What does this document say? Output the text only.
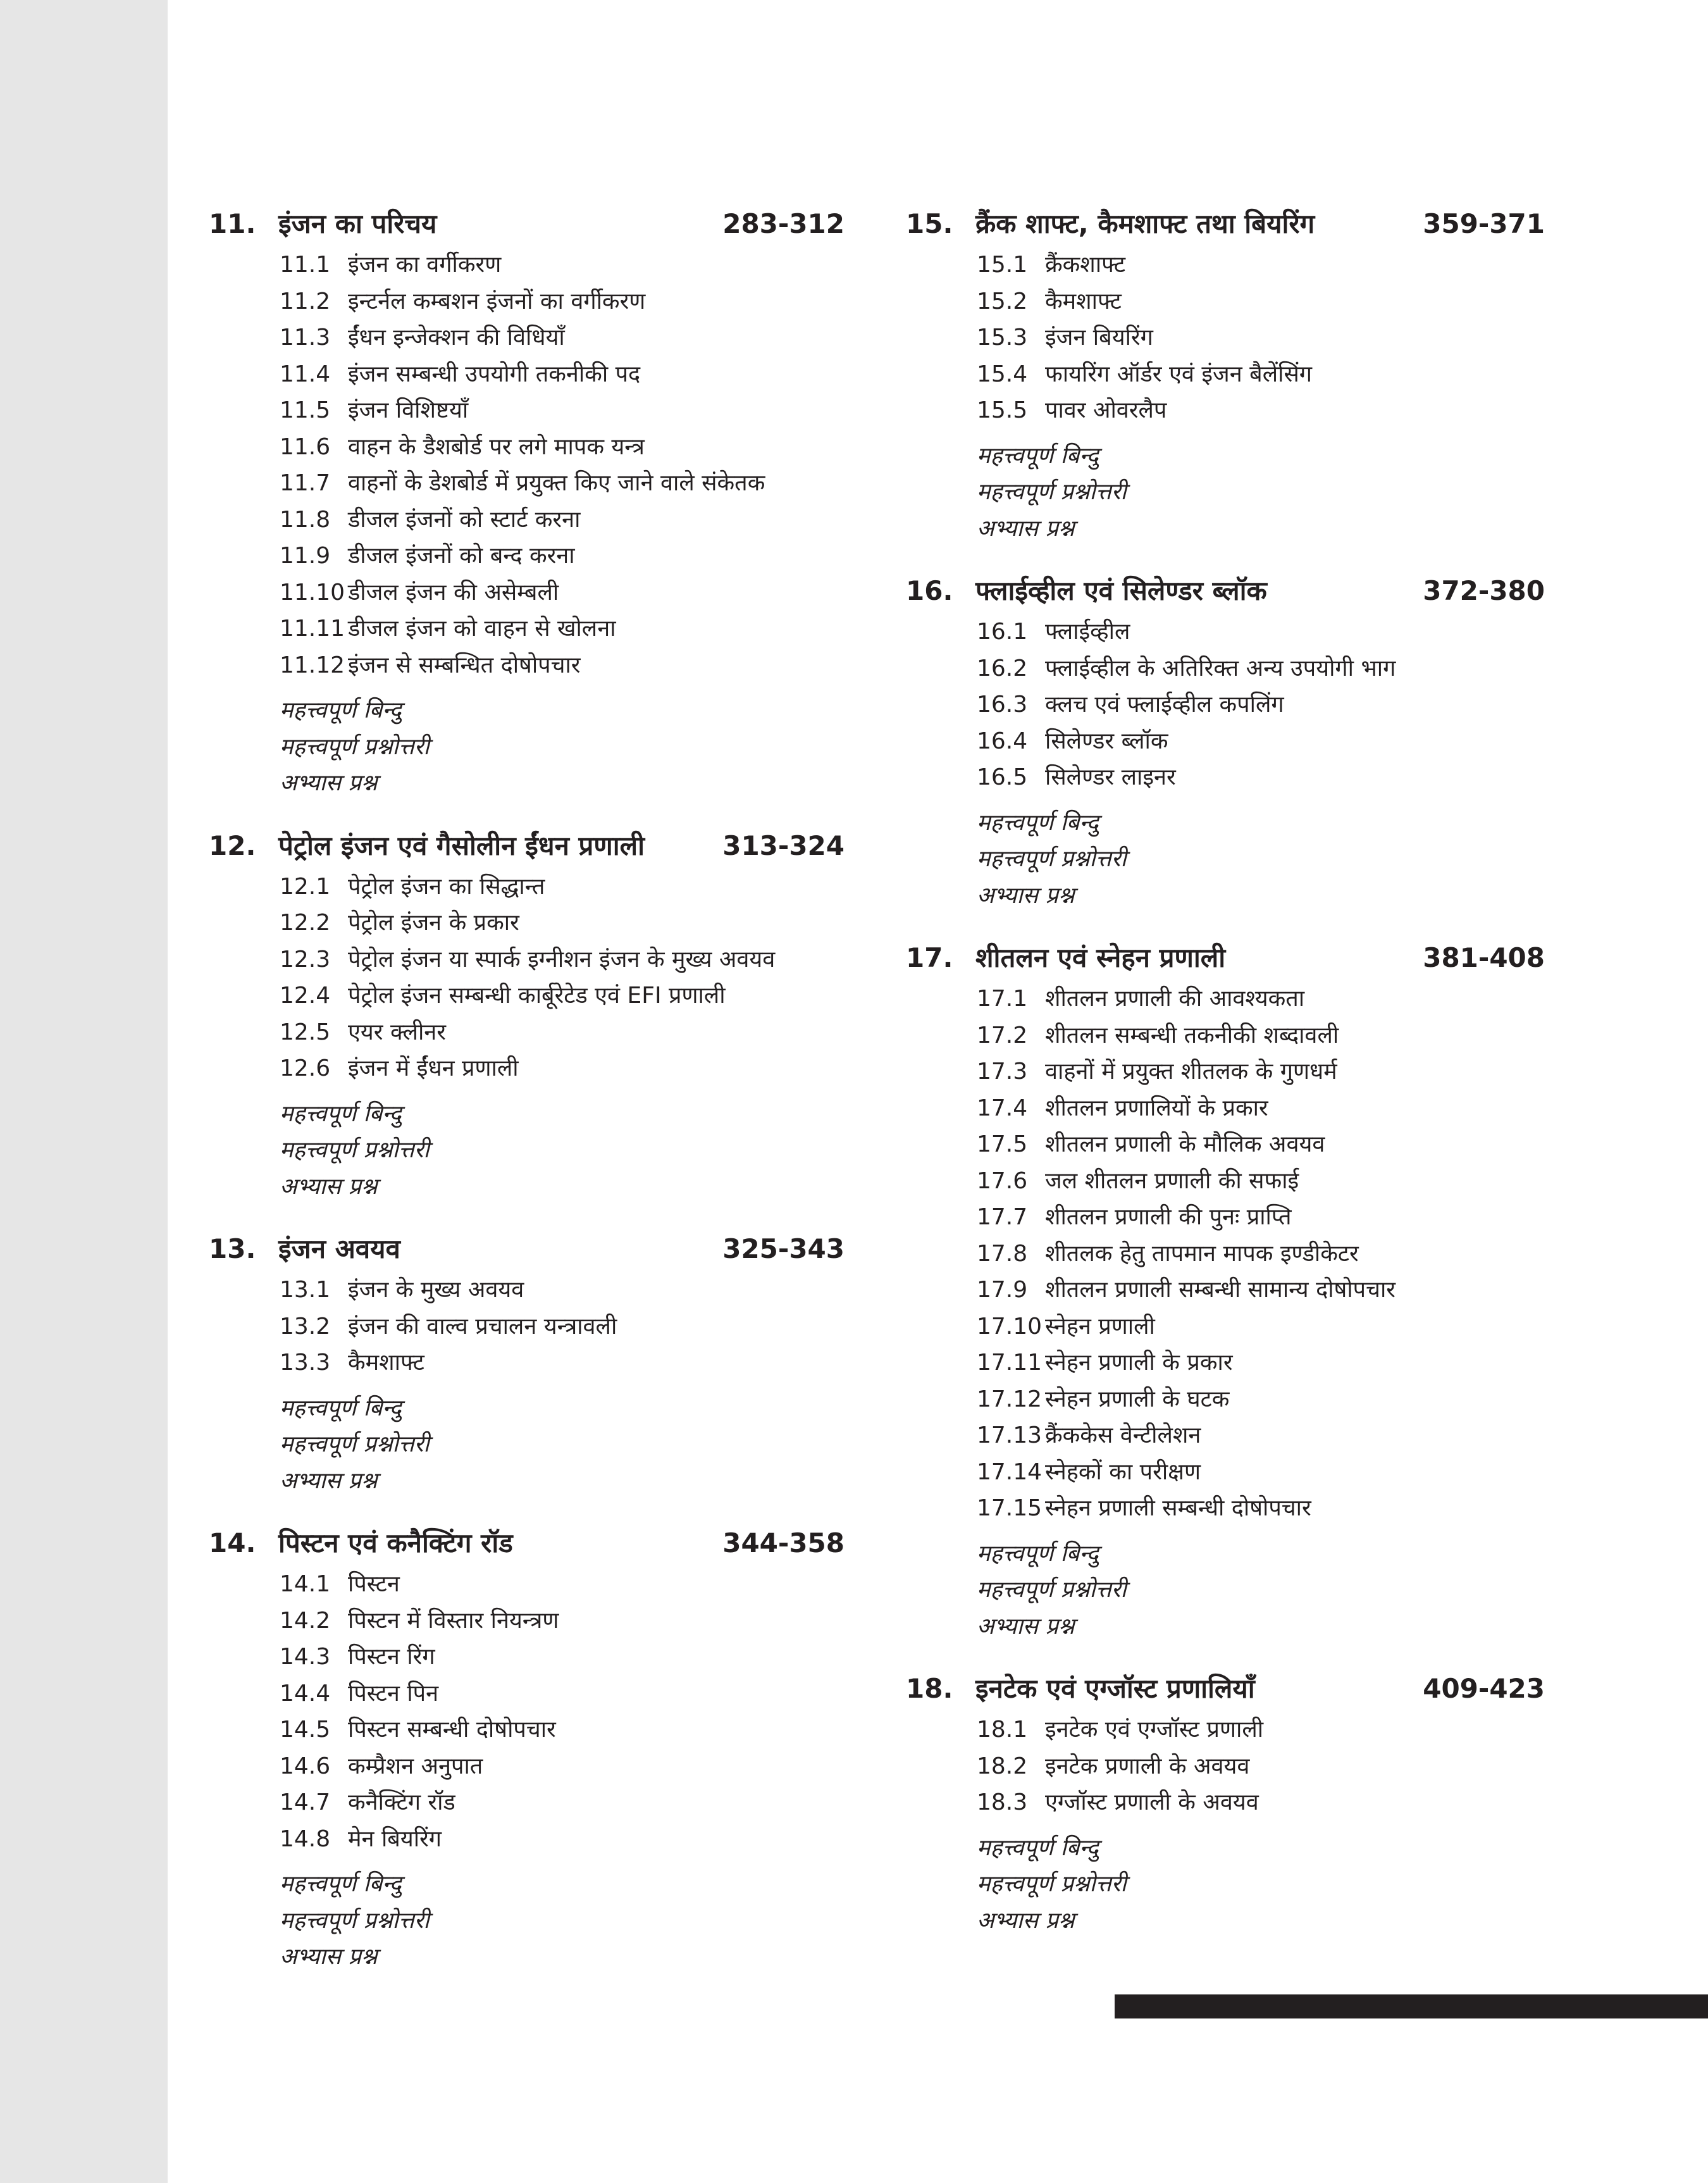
11. इंजन का परिचय	283-312
11.1 इंजन का वर्गीकरण
11.2 इन्टर्नल कम्बशन इंजनों का वर्गीकरण
11.3 ईंधन इन्जेक्शन की विधियाँ
11.4 इंजन सम्बन्धी उपयोगी तकनीकी पद
11.5 इंजन विशिष्टयाँ
11.6 वाहन के डैशबोर्ड पर लगे मापक यन्त्र
11.7 वाहनों के डेशबोर्ड में प्रयुक्त किए जाने वाले संकेतक
11.8 डीजल इंजनों को स्टार्ट करना
11.9 डीजल इंजनों को बन्द करना
11.10 डीजल इंजन की असेम्बली
11.11 डीजल इंजन को वाहन से खोलना
11.12 इंजन से सम्बन्धित दोषोपचार
महत्त्वपूर्ण बिन्दु
महत्त्वपूर्ण प्रश्नोत्तरी
अभ्यास प्रश्न
12. पेट्रोल इंजन एवं गैसोलीन ईंधन प्रणाली	313-324
12.1 पेट्रोल इंजन का सिद्धान्त
12.2 पेट्रोल इंजन के प्रकार
12.3 पेट्रोल इंजन या स्पार्क इग्नीशन इंजन के मुख्य अवयव
12.4 पेट्रोल इंजन सम्बन्धी कार्बूरेटेड एवं EFI प्रणाली
12.5 एयर क्लीनर
12.6 इंजन में ईंधन प्रणाली
महत्त्वपूर्ण बिन्दु
महत्त्वपूर्ण प्रश्नोत्तरी
अभ्यास प्रश्न
13. इंजन अवयव	325-343
13.1 इंजन के मुख्य अवयव
13.2 इंजन की वाल्व प्रचालन यन्त्रावली
13.3 कैमशाफ्ट
महत्त्वपूर्ण बिन्दु
महत्त्वपूर्ण प्रश्नोत्तरी
अभ्यास प्रश्न
14. पिस्टन एवं कनैक्टिंग रॉड	344-358
14.1 पिस्टन
14.2 पिस्टन में विस्तार नियन्त्रण
14.3 पिस्टन रिंग
14.4 पिस्टन पिन
14.5 पिस्टन सम्बन्धी दोषोपचार
14.6 कम्प्रैशन अनुपात
14.7 कनैक्टिंग रॉड
14.8 मेन बियरिंग
महत्त्वपूर्ण बिन्दु
महत्त्वपूर्ण प्रश्नोत्तरी
अभ्यास प्रश्न
15. क्रैंक शाफ्ट, कैमशाफ्ट तथा बियरिंग	359-371
15.1 क्रैंकशाफ्ट
15.2 कैमशाफ्ट
15.3 इंजन बियरिंग
15.4 फायरिंग ऑर्डर एवं इंजन बैलेंसिंग
15.5 पावर ओवरलैप
महत्त्वपूर्ण बिन्दु
महत्त्वपूर्ण प्रश्नोत्तरी
अभ्यास प्रश्न
16. फ्लाईव्हील एवं सिलेण्डर ब्लॉक	372-380
16.1 फ्लाईव्हील
16.2 फ्लाईव्हील के अतिरिक्त अन्य उपयोगी भाग
16.3 क्लच एवं फ्लाईव्हील कपलिंग
16.4 सिलेण्डर ब्लॉक
16.5 सिलेण्डर लाइनर
महत्त्वपूर्ण बिन्दु
महत्त्वपूर्ण प्रश्नोत्तरी
अभ्यास प्रश्न
17. शीतलन एवं स्नेहन प्रणाली	381-408
17.1 शीतलन प्रणाली की आवश्यकता
17.2 शीतलन सम्बन्धी तकनीकी शब्दावली
17.3 वाहनों में प्रयुक्त शीतलक के गुणधर्म
17.4 शीतलन प्रणालियों के प्रकार
17.5 शीतलन प्रणाली के मौलिक अवयव
17.6 जल शीतलन प्रणाली की सफाई
17.7 शीतलन प्रणाली की पुनः प्राप्ति
17.8 शीतलक हेतु तापमान मापक इण्डीकेटर
17.9 शीतलन प्रणाली सम्बन्धी सामान्य दोषोपचार
17.10 स्नेहन प्रणाली
17.11 स्नेहन प्रणाली के प्रकार
17.12 स्नेहन प्रणाली के घटक
17.13 क्रैंककेस वेन्टीलेशन
17.14 स्नेहकों का परीक्षण
17.15 स्नेहन प्रणाली सम्बन्धी दोषोपचार
महत्त्वपूर्ण बिन्दु
महत्त्वपूर्ण प्रश्नोत्तरी
अभ्यास प्रश्न
18. इनटेक एवं एग्जॉस्ट प्रणालियाँ	409-423
18.1 इनटेक एवं एग्जॉस्ट प्रणाली
18.2 इनटेक प्रणाली के अवयव
18.3 एग्जॉस्ट प्रणाली के अवयव
महत्त्वपूर्ण बिन्दु
महत्त्वपूर्ण प्रश्नोत्तरी
अभ्यास प्रश्न
